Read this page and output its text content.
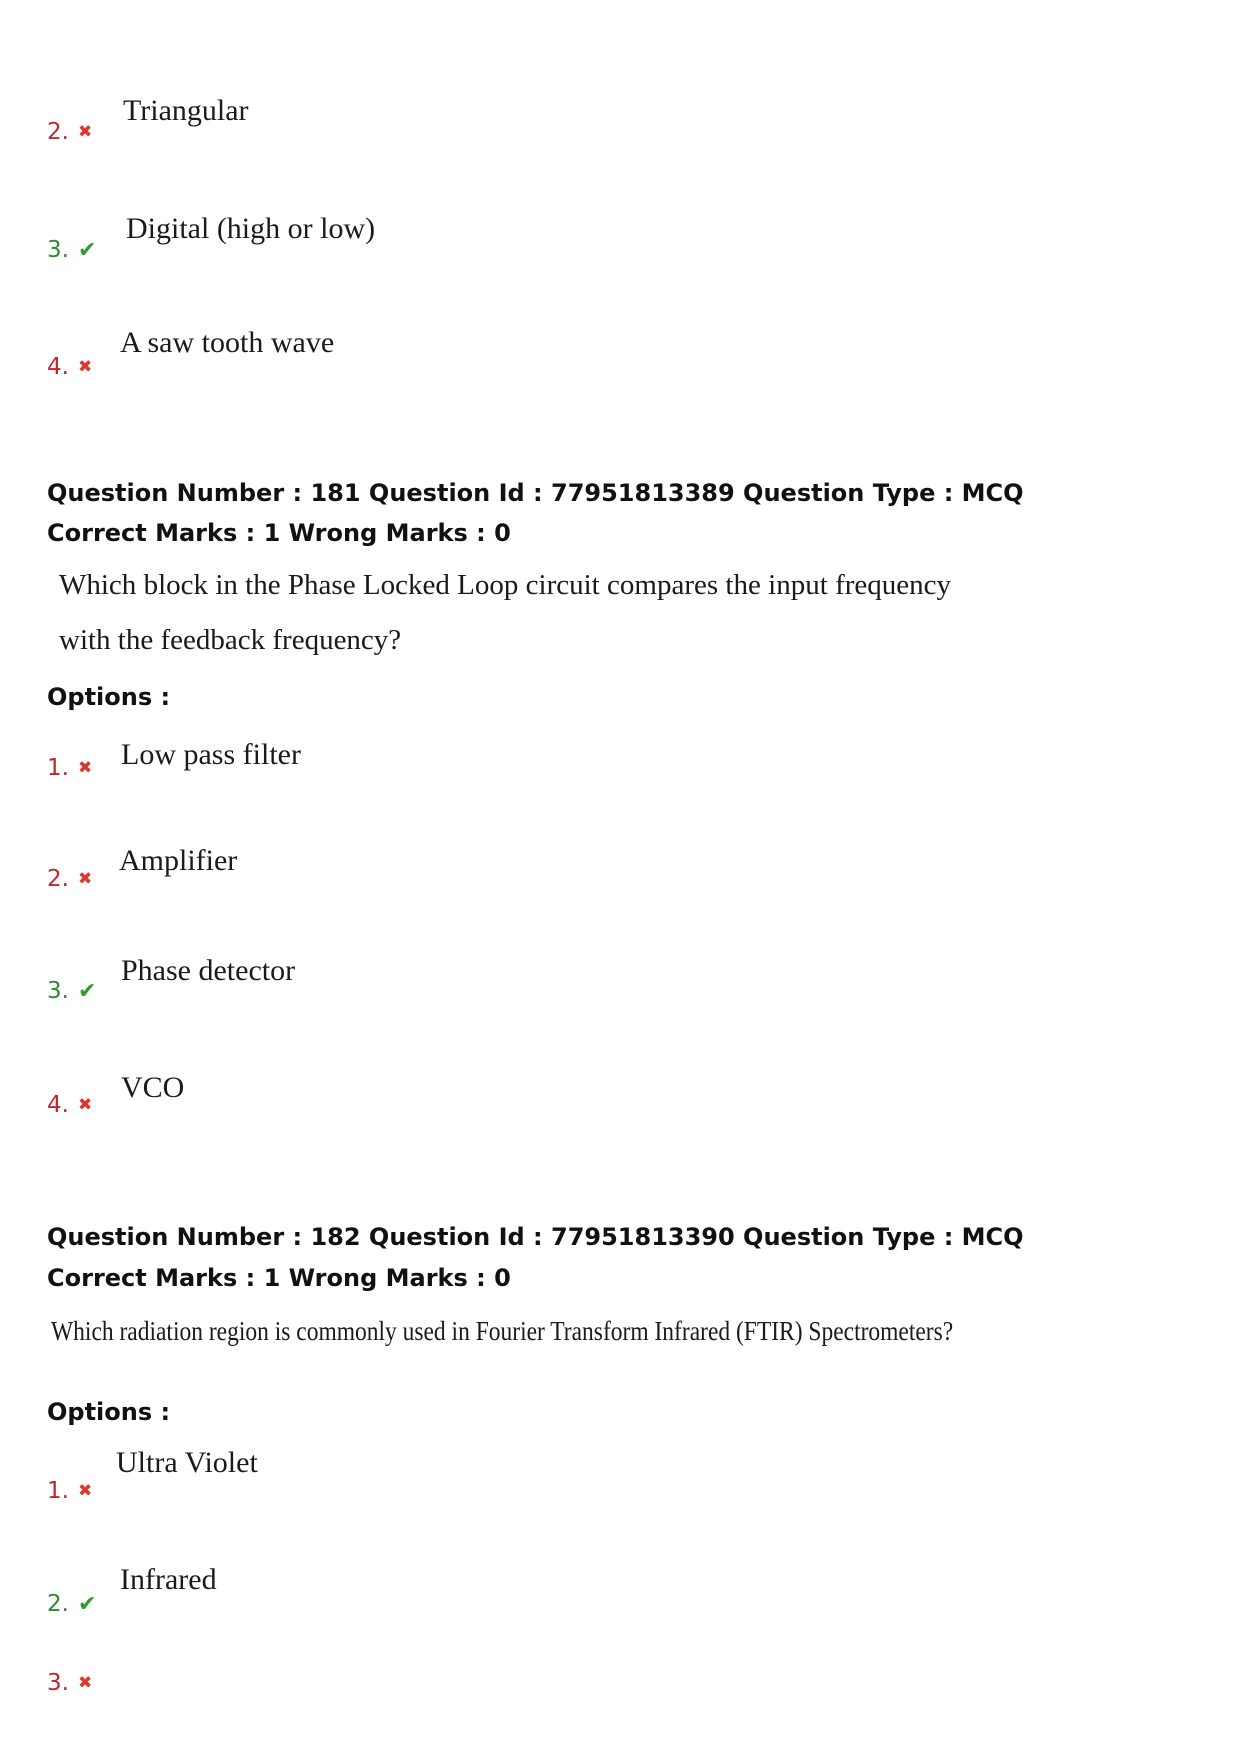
2. ✖
Triangular
3. ✔
Digital (high or low)
4. ✖
A saw tooth wave
Question Number : 181 Question Id : 77951813389 Question Type : MCQ
Correct Marks : 1 Wrong Marks : 0
Which block in the Phase Locked Loop circuit compares the input frequency
with the feedback frequency?
Options :
1. ✖ Low pass filter
2. ✖
Amplifier
3. ✔
Phase detector
4. ✖
VCO
Question Number : 182 Question Id : 77951813390 Question Type : MCQ
Correct Marks : 1 Wrong Marks : 0
Which radiation region is commonly used in Fourier Transform Infrared (FTIR) Spectrometers?
Options :
1. ✖
Ultra Violet
2. ✔
Infrared
3. ✖
